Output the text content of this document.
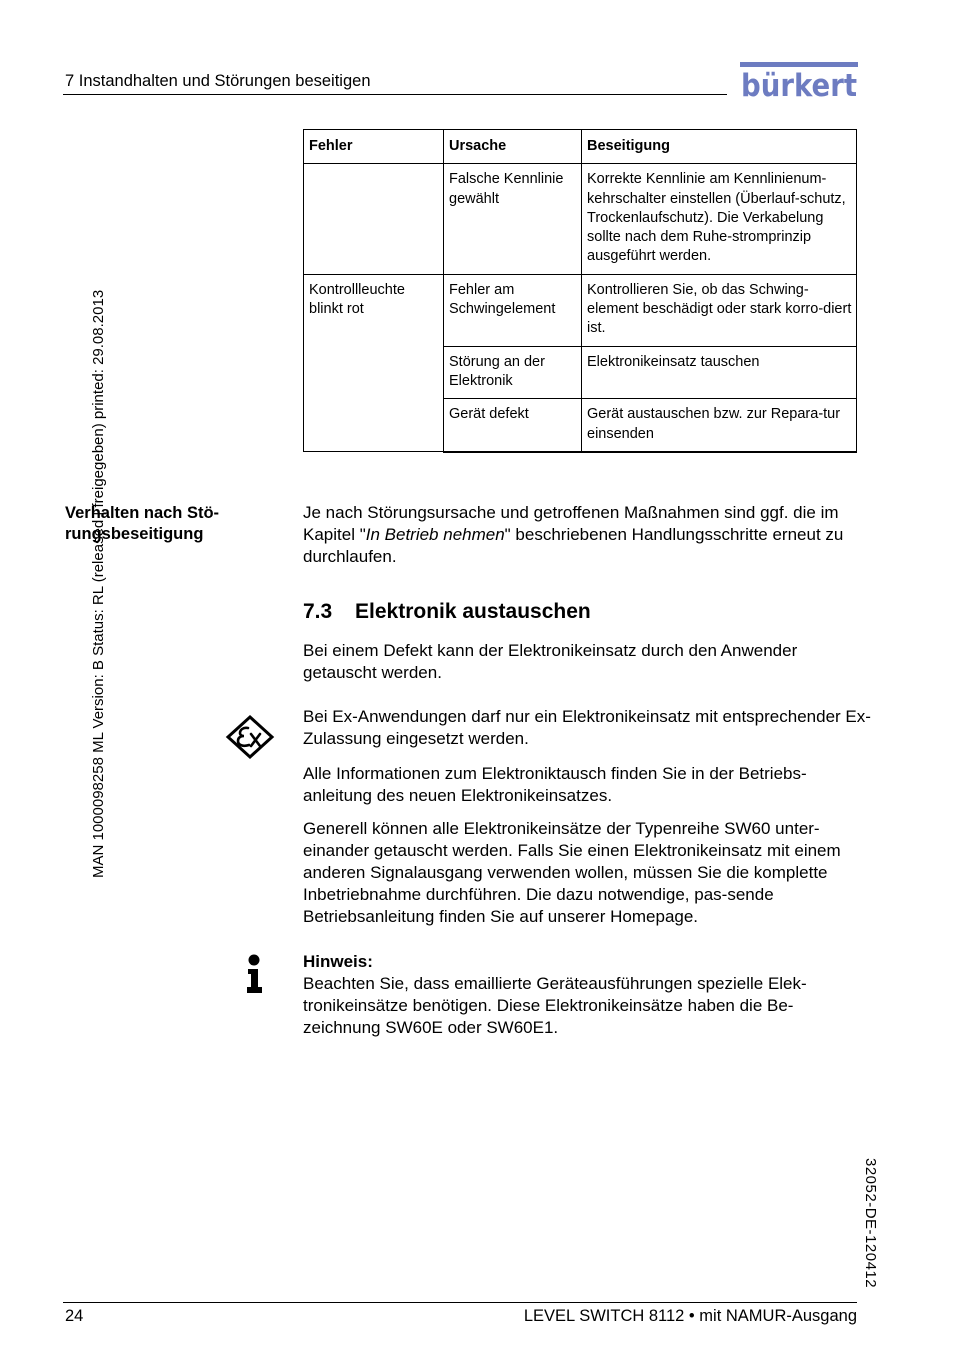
7 Instandhalten und Störungen beseitigen	bürkert
MAN 1000098258 ML Version: B Status: RL (released | freigegeben) printed: 29.08.2013
32052-DE-120412
Fehler	Ursache	Beseitigung
	Falsche Kennlinie gewählt	Korrekte Kennlinie am Kennlinienum-kehrschalter einstellen (Überlauf-schutz, Trockenlaufschutz). Die Verkabelung sollte nach dem Ruhe-stromprinzip ausgeführt werden.
Kontrollleuchte blinkt rot	Fehler am Schwingelement	Kontrollieren Sie, ob das Schwing-element beschädigt oder stark korro-diert ist.
	Störung an der Elektronik	Elektronikeinsatz tauschen
	Gerät defekt	Gerät austauschen bzw. zur Repara-tur einsenden
Verhalten nach Stö-rungsbeseitigung
Je nach Störungsursache und getroffenen Maßnahmen sind ggf. die im Kapitel "In Betrieb nehmen" beschriebenen Handlungsschritte erneut zu durchlaufen.
7.3 Elektronik austauschen
Bei einem Defekt kann der Elektronikeinsatz durch den Anwender getauscht werden.
Bei Ex-Anwendungen darf nur ein Elektronikeinsatz mit entsprechender Ex-Zulassung eingesetzt werden.
Alle Informationen zum Elektroniktausch finden Sie in der Betriebs-anleitung des neuen Elektronikeinsatzes.
Generell können alle Elektronikeinsätze der Typenreihe SW60 unter-einander getauscht werden. Falls Sie einen Elektronikeinsatz mit einem anderen Signalausgang verwenden wollen, müssen Sie die komplette Inbetriebnahme durchführen. Die dazu notwendige, pas-sende Betriebsanleitung finden Sie auf unserer Homepage.
Hinweis:
Beachten Sie, dass emaillierte Geräteausführungen spezielle Elek-tronikeinsätze benötigen. Diese Elektronikeinsätze haben die Be-zeichnung SW60E oder SW60E1.
24	LEVEL SWITCH 8112 • mit NAMUR-Ausgang
